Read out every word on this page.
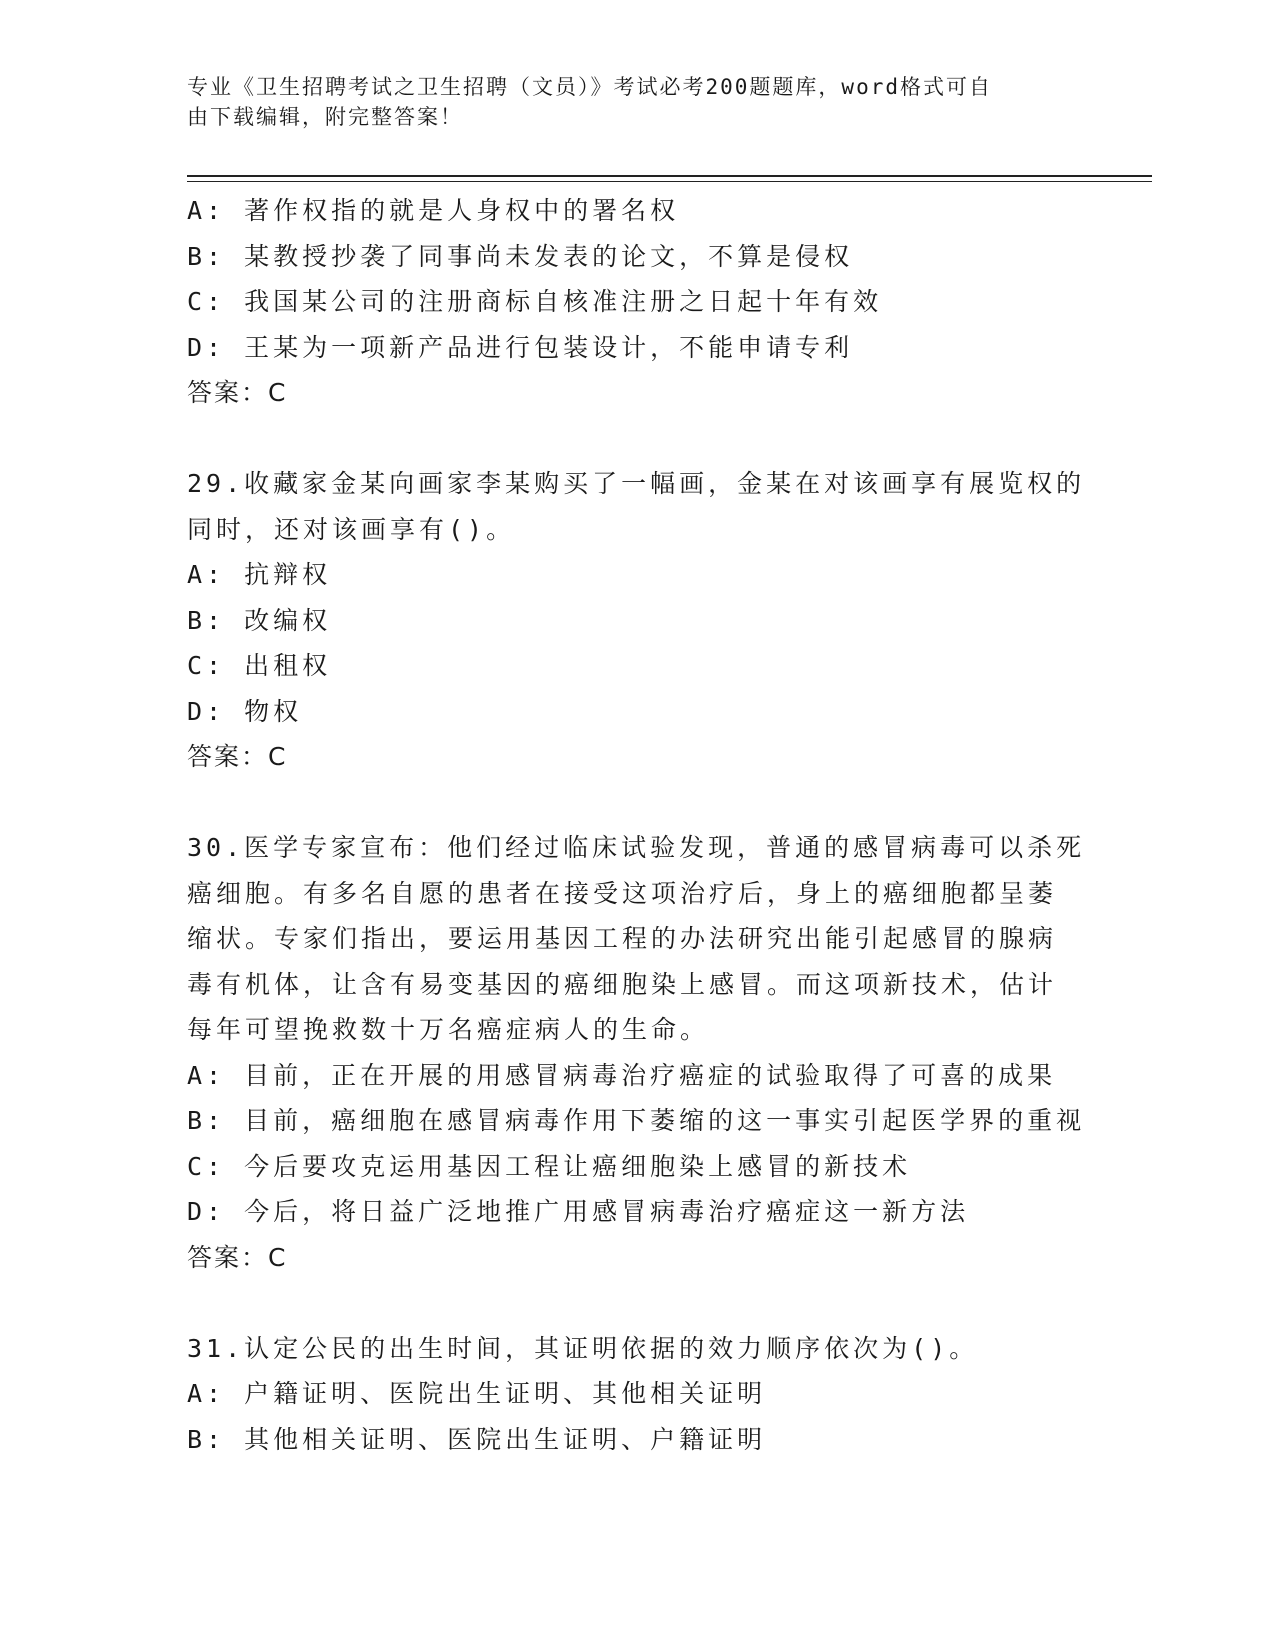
专业《卫生招聘考试之卫生招聘（文员）》考试必考200题题库，word格式可自
由下载编辑，附完整答案！

A: 著作权指的就是人身权中的署名权

B: 某教授抄袭了同事尚未发表的论文，不算是侵权

C: 我国某公司的注册商标自核准注册之日起十年有效

D: 王某为一项新产品进行包装设计，不能申请专利

答案：C

29.收藏家金某向画家李某购买了一幅画，金某在对该画享有展览权的

同时，还对该画享有()。

A: 抗辩权

B: 改编权

C: 出租权

D: 物权

答案：C

30.医学专家宣布：他们经过临床试验发现，普通的感冒病毒可以杀死

癌细胞。有多名自愿的患者在接受这项治疗后，身上的癌细胞都呈萎

缩状。专家们指出，要运用基因工程的办法研究出能引起感冒的腺病

毒有机体，让含有易变基因的癌细胞染上感冒。而这项新技术，估计

每年可望挽救数十万名癌症病人的生命。

A: 目前，正在开展的用感冒病毒治疗癌症的试验取得了可喜的成果

B: 目前，癌细胞在感冒病毒作用下萎缩的这一事实引起医学界的重视

C: 今后要攻克运用基因工程让癌细胞染上感冒的新技术

D: 今后，将日益广泛地推广用感冒病毒治疗癌症这一新方法

答案：C

31.认定公民的出生时间，其证明依据的效力顺序依次为()。

A: 户籍证明、医院出生证明、其他相关证明

B: 其他相关证明、医院出生证明、户籍证明
